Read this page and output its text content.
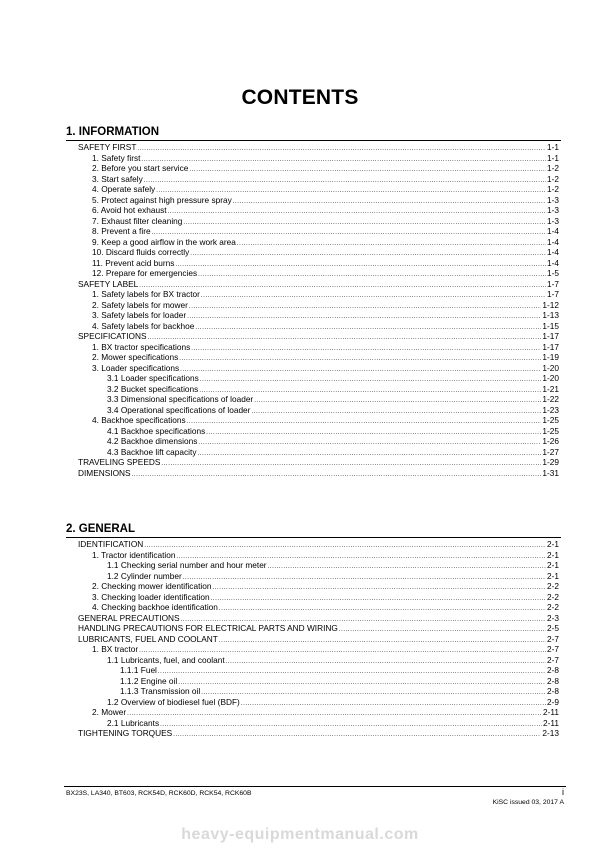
CONTENTS
1. INFORMATION
SAFETY FIRST .....	1-1
1. Safety first .....	1-1
2. Before you start service .....	1-2
3. Start safely .....	1-2
4. Operate safely .....	1-2
5. Protect against high pressure spray .....	1-3
6. Avoid hot exhaust .....	1-3
7. Exhaust filter cleaning .....	1-3
8. Prevent a fire .....	1-4
9. Keep a good airflow in the work area .....	1-4
10. Discard fluids correctly .....	1-4
11. Prevent acid burns .....	1-4
12. Prepare for emergencies .....	1-5
SAFETY LABEL .....	1-7
1. Safety labels for BX tractor .....	1-7
2. Safety labels for mower .....	1-12
3. Safety labels for loader .....	1-13
4. Safety labels for backhoe .....	1-15
SPECIFICATIONS .....	1-17
1. BX tractor specifications .....	1-17
2. Mower specifications .....	1-19
3. Loader specifications .....	1-20
3.1 Loader specifications .....	1-20
3.2 Bucket specifications .....	1-21
3.3 Dimensional specifications of loader .....	1-22
3.4 Operational specifications of loader .....	1-23
4. Backhoe specifications .....	1-25
4.1 Backhoe specifications .....	1-25
4.2 Backhoe dimensions .....	1-26
4.3 Backhoe lift capacity .....	1-27
TRAVELING SPEEDS .....	1-29
DIMENSIONS .....	1-31
2. GENERAL
IDENTIFICATION .....	2-1
1. Tractor identification .....	2-1
1.1 Checking serial number and hour meter .....	2-1
1.2 Cylinder number .....	2-1
2. Checking mower identification .....	2-2
3. Checking loader identification .....	2-2
4. Checking backhoe identification .....	2-2
GENERAL PRECAUTIONS .....	2-3
HANDLING PRECAUTIONS FOR ELECTRICAL PARTS AND WIRING .....	2-5
LUBRICANTS, FUEL AND COOLANT .....	2-7
1. BX tractor .....	2-7
1.1 Lubricants, fuel, and coolant .....	2-7
1.1.1 Fuel .....	2-8
1.1.2 Engine oil .....	2-8
1.1.3 Transmission oil .....	2-8
1.2 Overview of biodiesel fuel (BDF) .....	2-9
2. Mower .....	2-11
2.1 Lubricants .....	2-11
TIGHTENING TORQUES .....	2-13
BX23S, LA340, BT603, RCK54D, RCK60D, RCK54, RCK60B	i
KiSC issued 03, 2017 A
heavy-equipmentmanual.com
